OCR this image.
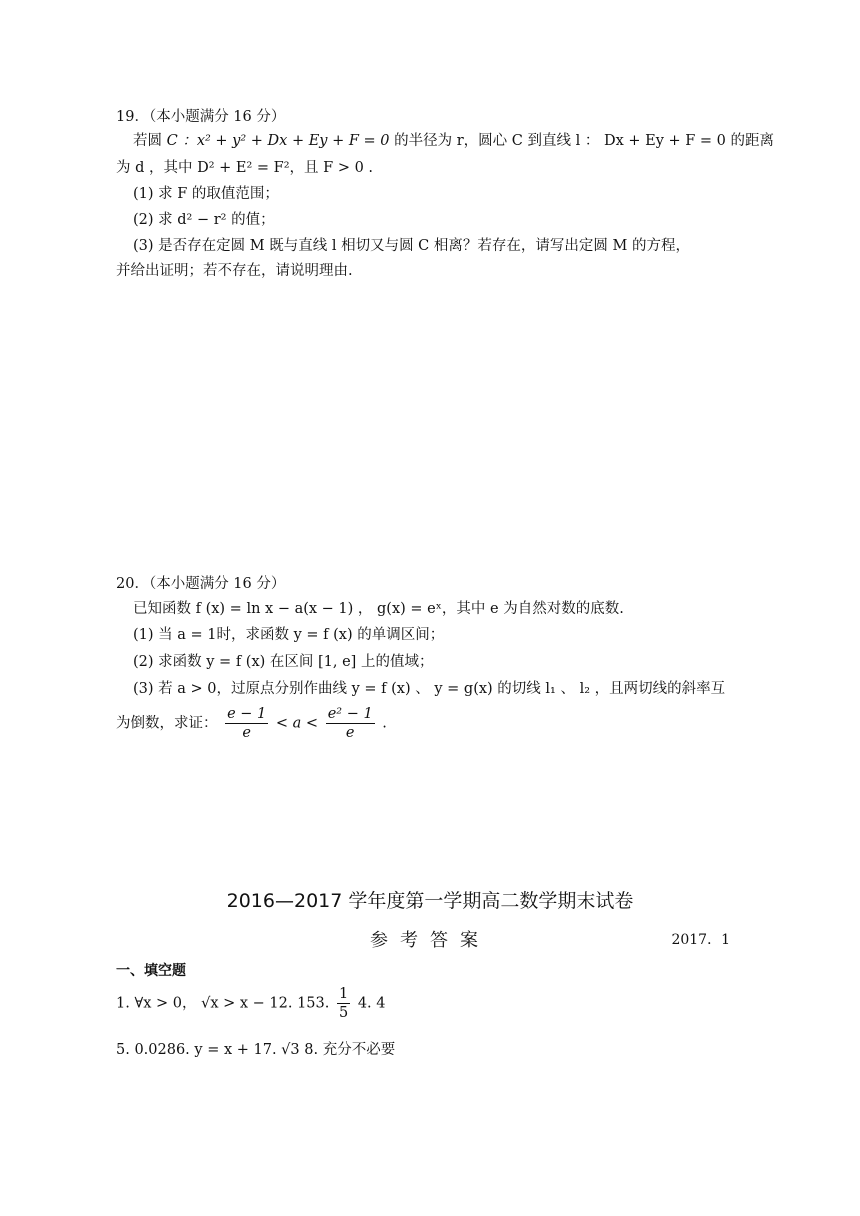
19．（本小题满分 16 分）
若圆 C ：x² + y² + Dx + Ey + F = 0 的半径为 r，圆心 C 到直线 l ： Dx + Ey + F = 0 的距离
为 d ，其中 D² + E² = F²，且 F > 0 .
(1) 求 F 的取值范围；
(2) 求 d² − r² 的值；
(3) 是否存在定圆 M 既与直线 l 相切又与圆 C 相离？若存在，请写出定圆 M 的方程，
并给出证明；若不存在，请说明理由.
20．（本小题满分 16 分）
已知函数 f (x) = ln x − a(x − 1) ， g(x) = eˣ，其中 e 为自然对数的底数.
(1) 当 a = 1时，求函数 y = f (x) 的单调区间；
(2) 求函数 y = f (x) 在区间 [1, e] 上的值域；
(3) 若 a > 0，过原点分别作曲线 y = f (x) 、 y = g(x) 的切线 l₁ 、 l₂ ，且两切线的斜率互
为倒数，求证： $\frac{e - 1}{e} < a < \frac{\text{e² − 1}}{e}$ .
2016—2017 学年度第一学期高二数学期末试卷
参考答案	2017．1
一、填空题
1. ∀x > 0， √x > x − 12. 153. $\frac{1}{5} 4$. 4
5. 0.0286. y = x + 17. √3 8. 充分不必要
